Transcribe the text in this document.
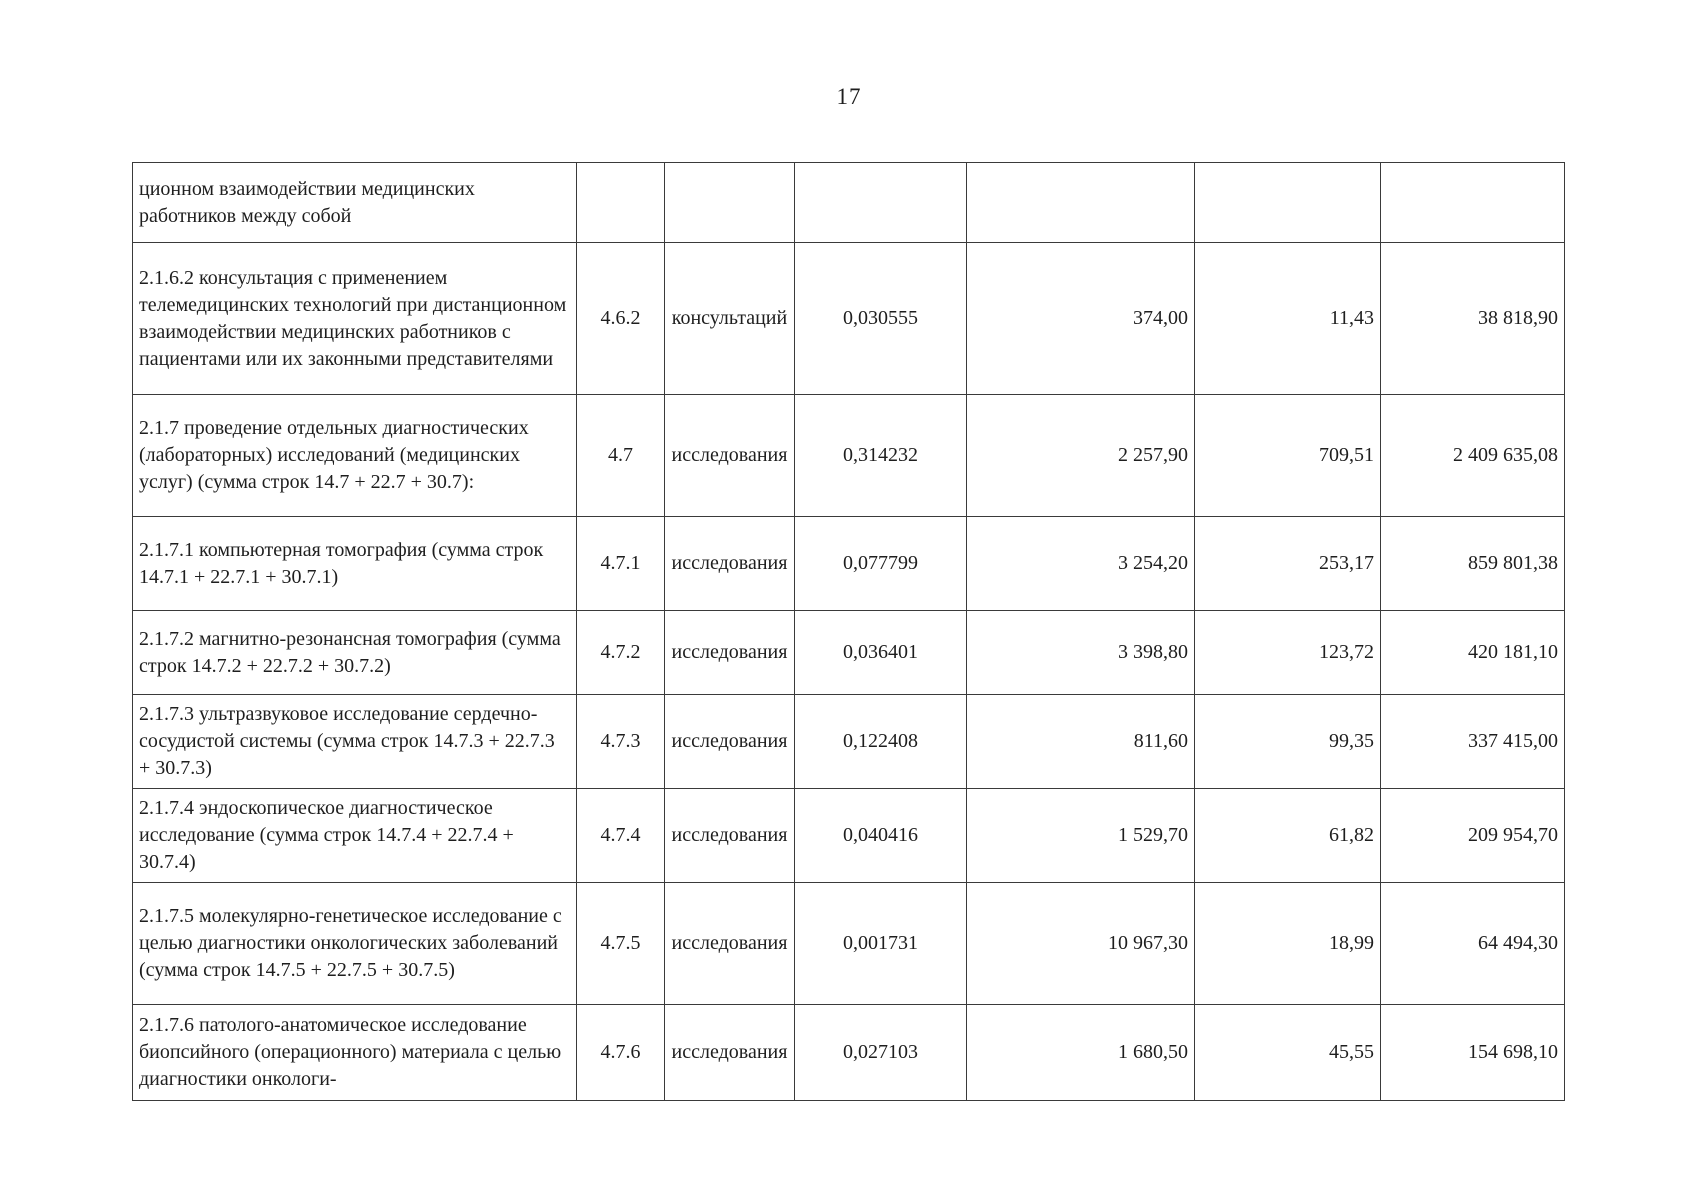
17
ционном взаимодействии медицинских работников между собой						
2.1.6.2 консультация с применением телемедицинских технологий при дистанционном взаимодействии медицинских работников с пациентами или их законными представителями	4.6.2	консультаций	0,030555	374,00	11,43	38 818,90
2.1.7 проведение отдельных диагностических (лабораторных) исследований (медицинских услуг) (сумма строк 14.7 + 22.7 + 30.7):	4.7	исследования	0,314232	2 257,90	709,51	2 409 635,08
2.1.7.1 компьютерная томография (сумма строк 14.7.1 + 22.7.1 + 30.7.1)	4.7.1	исследования	0,077799	3 254,20	253,17	859 801,38
2.1.7.2 магнитно-резонансная томография (сумма строк 14.7.2 + 22.7.2 + 30.7.2)	4.7.2	исследования	0,036401	3 398,80	123,72	420 181,10
2.1.7.3 ультразвуковое исследование сердечно-сосудистой системы (сумма строк 14.7.3 + 22.7.3 + 30.7.3)	4.7.3	исследования	0,122408	811,60	99,35	337 415,00
2.1.7.4 эндоскопическое диагностическое исследование (сумма строк 14.7.4 + 22.7.4 + 30.7.4)	4.7.4	исследования	0,040416	1 529,70	61,82	209 954,70
2.1.7.5 молекулярно-генетическое исследование с целью диагностики онкологических заболеваний (сумма строк 14.7.5 + 22.7.5 + 30.7.5)	4.7.5	исследования	0,001731	10 967,30	18,99	64 494,30
2.1.7.6 патолого-анатомическое исследование биопсийного (операционного) материала с целью диагностики онкологи-	4.7.6	исследования	0,027103	1 680,50	45,55	154 698,10
